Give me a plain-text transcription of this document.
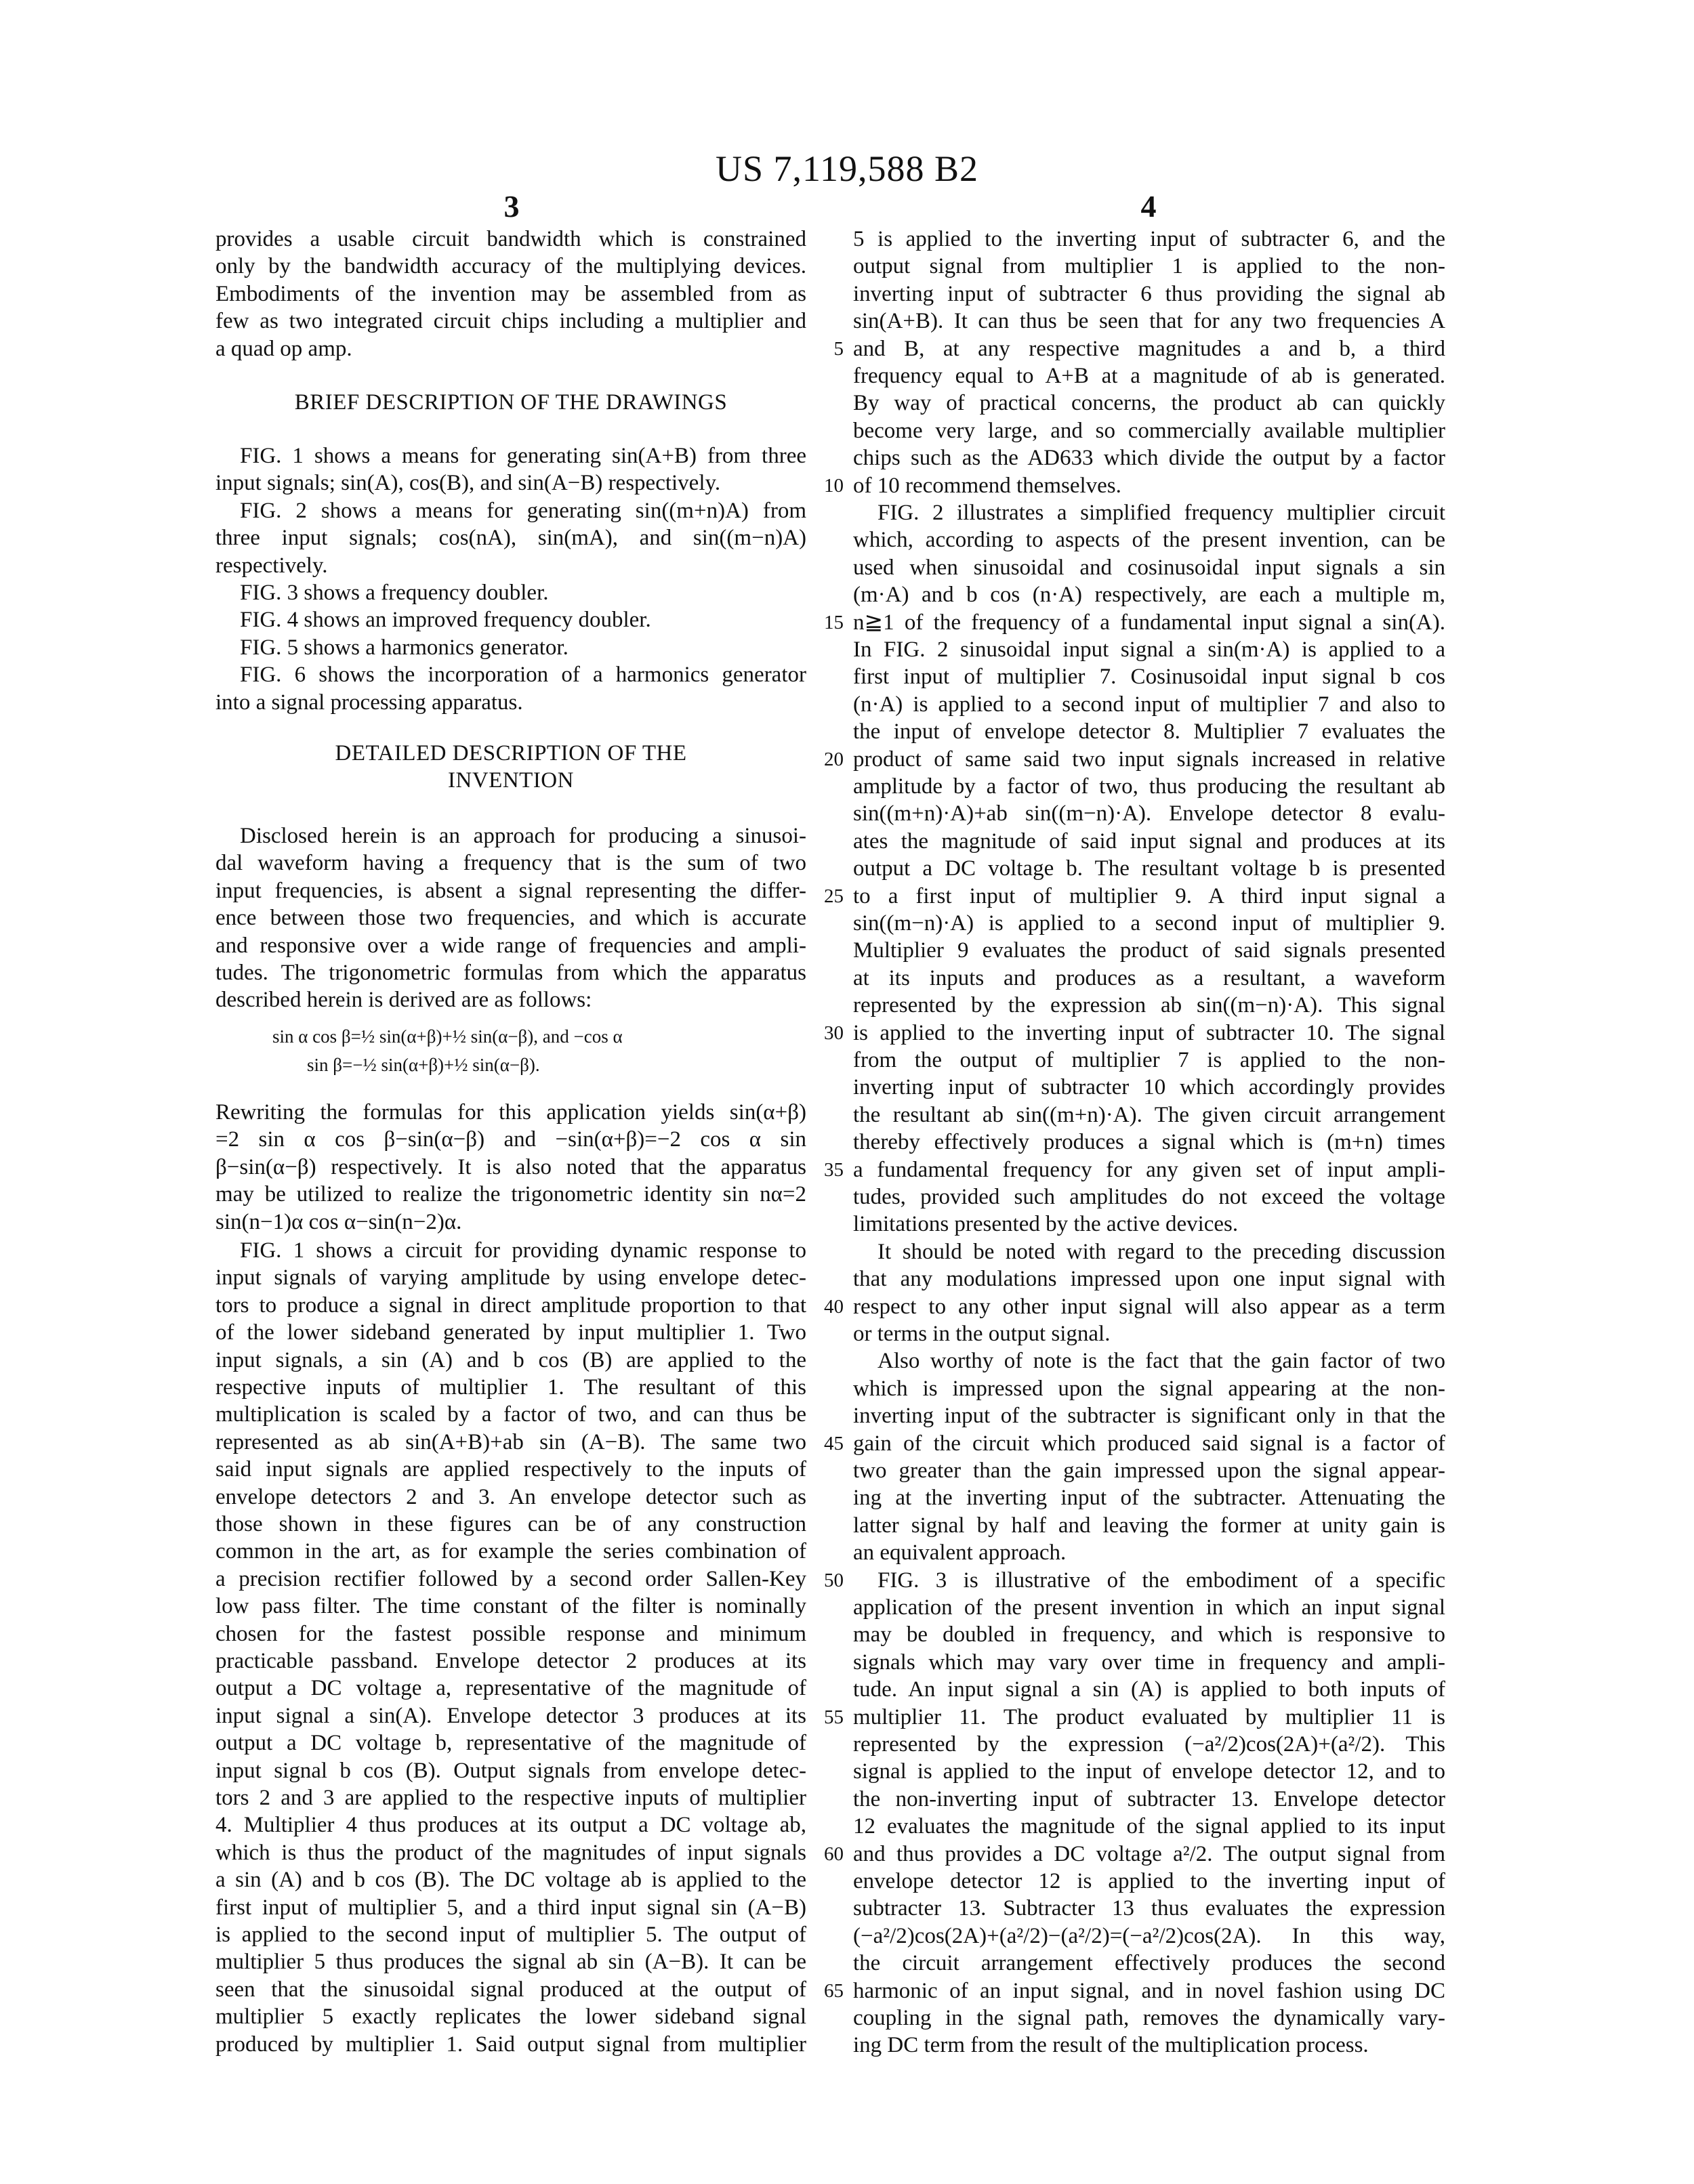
US 7,119,588 B2
3	4
provides a usable circuit bandwidth which is constrained
only by the bandwidth accuracy of the multiplying devices.
Embodiments of the invention may be assembled from as
few as two integrated circuit chips including a multiplier and
a quad op amp.
BRIEF DESCRIPTION OF THE DRAWINGS
FIG. 1 shows a means for generating sin(A+B) from three
input signals; sin(A), cos(B), and sin(A−B) respectively.
FIG. 2 shows a means for generating sin((m+n)A) from
three input signals; cos(nA), sin(mA), and sin((m−n)A)
respectively.
FIG. 3 shows a frequency doubler.
FIG. 4 shows an improved frequency doubler.
FIG. 5 shows a harmonics generator.
FIG. 6 shows the incorporation of a harmonics generator
into a signal processing apparatus.
DETAILED DESCRIPTION OF THE
INVENTION
Disclosed herein is an approach for producing a sinusoi-
dal waveform having a frequency that is the sum of two
input frequencies, is absent a signal representing the differ-
ence between those two frequencies, and which is accurate
and responsive over a wide range of frequencies and ampli-
tudes. The trigonometric formulas from which the apparatus
described herein is derived are as follows:
sin α cos β=½ sin(α+β)+½ sin(α−β), and −cos α
sin β=−½ sin(α+β)+½ sin(α−β).
Rewriting the formulas for this application yields sin(α+β)
=2 sin α cos β−sin(α−β) and −sin(α+β)=−2 cos α sin
β−sin(α−β) respectively. It is also noted that the apparatus
may be utilized to realize the trigonometric identity sin nα=2
sin(n−1)α cos α−sin(n−2)α.
FIG. 1 shows a circuit for providing dynamic response to
input signals of varying amplitude by using envelope detec-
tors to produce a signal in direct amplitude proportion to that
of the lower sideband generated by input multiplier 1. Two
input signals, a sin (A) and b cos (B) are applied to the
respective inputs of multiplier 1. The resultant of this
multiplication is scaled by a factor of two, and can thus be
represented as ab sin(A+B)+ab sin (A−B). The same two
said input signals are applied respectively to the inputs of
envelope detectors 2 and 3. An envelope detector such as
those shown in these figures can be of any construction
common in the art, as for example the series combination of
a precision rectifier followed by a second order Sallen-Key
low pass filter. The time constant of the filter is nominally
chosen for the fastest possible response and minimum
practicable passband. Envelope detector 2 produces at its
output a DC voltage a, representative of the magnitude of
input signal a sin(A). Envelope detector 3 produces at its
output a DC voltage b, representative of the magnitude of
input signal b cos (B). Output signals from envelope detec-
tors 2 and 3 are applied to the respective inputs of multiplier
4. Multiplier 4 thus produces at its output a DC voltage ab,
which is thus the product of the magnitudes of input signals
a sin (A) and b cos (B). The DC voltage ab is applied to the
first input of multiplier 5, and a third input signal sin (A−B)
is applied to the second input of multiplier 5. The output of
multiplier 5 thus produces the signal ab sin (A−B). It can be
seen that the sinusoidal signal produced at the output of
multiplier 5 exactly replicates the lower sideband signal
produced by multiplier 1. Said output signal from multiplier
5
10
15
20
25
30
35
40
45
50
55
60
65
5 is applied to the inverting input of subtracter 6, and the
output signal from multiplier 1 is applied to the non-
inverting input of subtracter 6 thus providing the signal ab
sin(A+B). It can thus be seen that for any two frequencies A
and B, at any respective magnitudes a and b, a third
frequency equal to A+B at a magnitude of ab is generated.
By way of practical concerns, the product ab can quickly
become very large, and so commercially available multiplier
chips such as the AD633 which divide the output by a factor
of 10 recommend themselves.
FIG. 2 illustrates a simplified frequency multiplier circuit
which, according to aspects of the present invention, can be
used when sinusoidal and cosinusoidal input signals a sin
(m·A) and b cos (n·A) respectively, are each a multiple m,
n≧1 of the frequency of a fundamental input signal a sin(A).
In FIG. 2 sinusoidal input signal a sin(m·A) is applied to a
first input of multiplier 7. Cosinusoidal input signal b cos
(n·A) is applied to a second input of multiplier 7 and also to
the input of envelope detector 8. Multiplier 7 evaluates the
product of same said two input signals increased in relative
amplitude by a factor of two, thus producing the resultant ab
sin((m+n)·A)+ab sin((m−n)·A). Envelope detector 8 evalu-
ates the magnitude of said input signal and produces at its
output a DC voltage b. The resultant voltage b is presented
to a first input of multiplier 9. A third input signal a
sin((m−n)·A) is applied to a second input of multiplier 9.
Multiplier 9 evaluates the product of said signals presented
at its inputs and produces as a resultant, a waveform
represented by the expression ab sin((m−n)·A). This signal
is applied to the inverting input of subtracter 10. The signal
from the output of multiplier 7 is applied to the non-
inverting input of subtracter 10 which accordingly provides
the resultant ab sin((m+n)·A). The given circuit arrangement
thereby effectively produces a signal which is (m+n) times
a fundamental frequency for any given set of input ampli-
tudes, provided such amplitudes do not exceed the voltage
limitations presented by the active devices.
It should be noted with regard to the preceding discussion
that any modulations impressed upon one input signal with
respect to any other input signal will also appear as a term
or terms in the output signal.
Also worthy of note is the fact that the gain factor of two
which is impressed upon the signal appearing at the non-
inverting input of the subtracter is significant only in that the
gain of the circuit which produced said signal is a factor of
two greater than the gain impressed upon the signal appear-
ing at the inverting input of the subtracter. Attenuating the
latter signal by half and leaving the former at unity gain is
an equivalent approach.
FIG. 3 is illustrative of the embodiment of a specific
application of the present invention in which an input signal
may be doubled in frequency, and which is responsive to
signals which may vary over time in frequency and ampli-
tude. An input signal a sin (A) is applied to both inputs of
multiplier 11. The product evaluated by multiplier 11 is
represented by the expression (−a²/2)cos(2A)+(a²/2). This
signal is applied to the input of envelope detector 12, and to
the non-inverting input of subtracter 13. Envelope detector
12 evaluates the magnitude of the signal applied to its input
and thus provides a DC voltage a²/2. The output signal from
envelope detector 12 is applied to the inverting input of
subtracter 13. Subtracter 13 thus evaluates the expression
(−a²/2)cos(2A)+(a²/2)−(a²/2)=(−a²/2)cos(2A). In this way,
the circuit arrangement effectively produces the second
harmonic of an input signal, and in novel fashion using DC
coupling in the signal path, removes the dynamically vary-
ing DC term from the result of the multiplication process.
